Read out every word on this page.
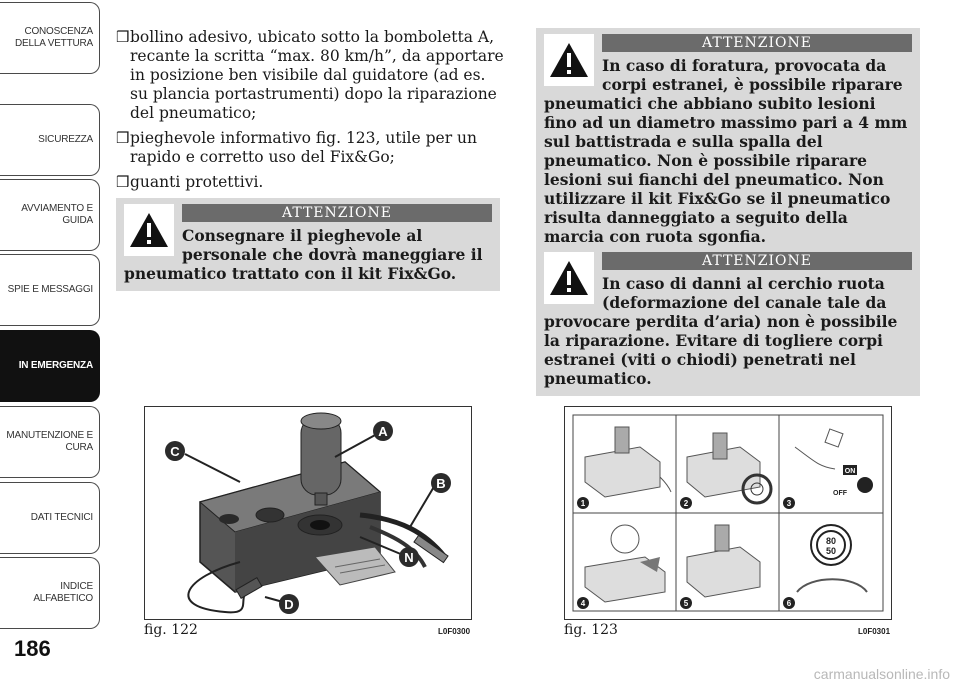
CONOSCENZA
DELLA VETTURA
SICUREZZA
AVVIAMENTO E
GUIDA
SPIE E MESSAGGI
IN EMERGENZA
MANUTENZIONE E
CURA
DATI TECNICI
INDICE
ALFABETICO
186
❒ bollino adesivo, ubicato sotto la bomboletta A, recante la scritta “max. 80 km/h”, da apportare in posizione ben visibile dal guidatore (ad es. su plancia portastrumenti) dopo la riparazione del pneumatico;
❒ pieghevole informativo fig. 123, utile per un rapido e corretto uso del Fix&Go;
❒ guanti protettivi.
ATTENZIONE
Consegnare il pieghevole al personale che dovrà maneggiare il pneumatico trattato con il kit Fix&Go.
ATTENZIONE
In caso di foratura, provocata da corpi estranei, è possibile riparare pneumatici che abbiano subito lesioni fino ad un diametro massimo pari a 4 mm sul battistrada e sulla spalla del pneumatico. Non è possibile riparare lesioni sui fianchi del pneumatico. Non utilizzare il kit Fix&Go se il pneumatico risulta danneggiato a seguito della marcia con ruota sgonfia.
ATTENZIONE
In caso di danni al cerchio ruota (deformazione del canale tale da provocare perdita d’aria) non è possibile la riparazione. Evitare di togliere corpi estranei (viti o chiodi) penetrati nel pneumatico.
A
B
C
D
N
fig. 122	L0F0300
ON
OFF
80
50
1	2	3
4	5	6
fig. 123	L0F0301
carmanualsonline.info
